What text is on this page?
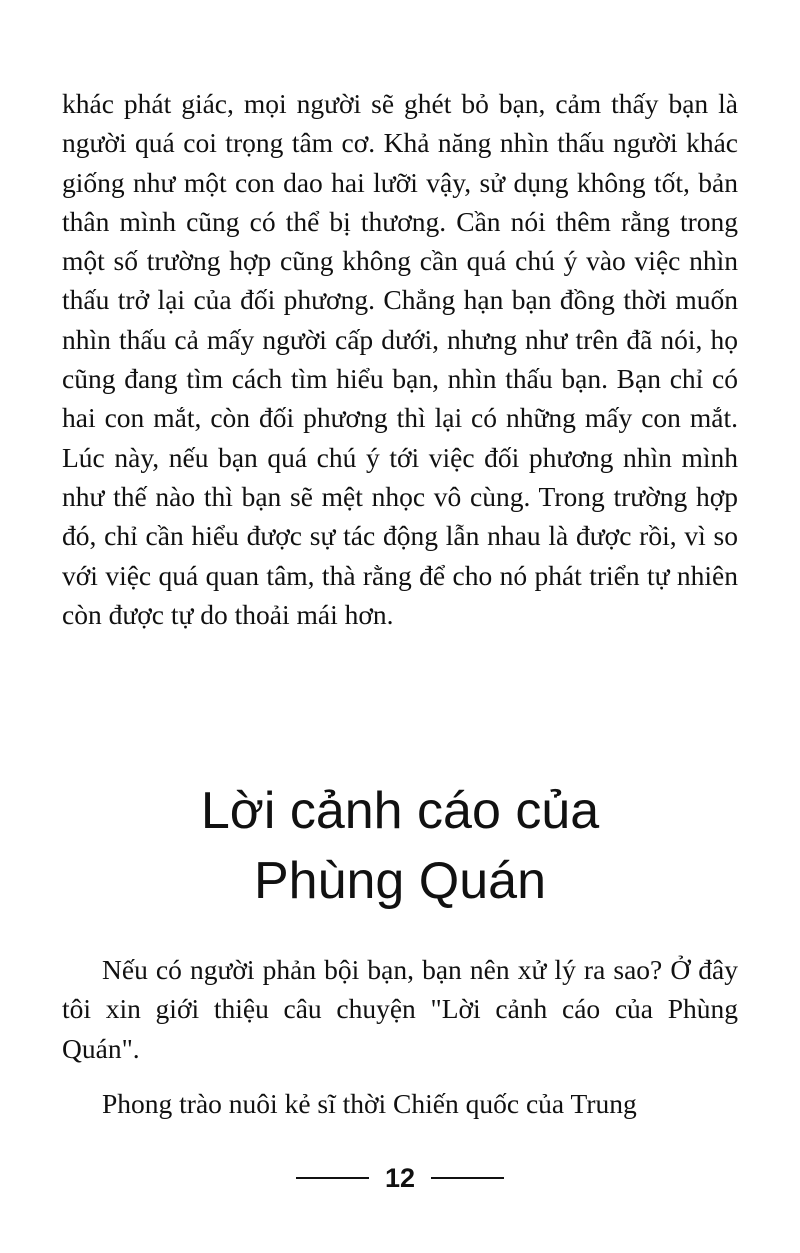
khác phát giác, mọi người sẽ ghét bỏ bạn, cảm thấy bạn là người quá coi trọng tâm cơ. Khả năng nhìn thấu người khác giống như một con dao hai lưỡi vậy, sử dụng không tốt, bản thân mình cũng có thể bị thương. Cần nói thêm rằng trong một số trường hợp cũng không cần quá chú ý vào việc nhìn thấu trở lại của đối phương. Chẳng hạn bạn đồng thời muốn nhìn thấu cả mấy người cấp dưới, nhưng như trên đã nói, họ cũng đang tìm cách tìm hiểu bạn, nhìn thấu bạn. Bạn chỉ có hai con mắt, còn đối phương thì lại có những mấy con mắt. Lúc này, nếu bạn quá chú ý tới việc đối phương nhìn mình như thế nào thì bạn sẽ mệt nhọc vô cùng. Trong trường hợp đó, chỉ cần hiểu được sự tác động lẫn nhau là được rồi, vì so với việc quá quan tâm, thà rằng để cho nó phát triển tự nhiên còn được tự do thoải mái hơn.

Lời cảnh cáo của
Phùng Quán

Nếu có người phản bội bạn, bạn nên xử lý ra sao? Ở đây tôi xin giới thiệu câu chuyện "Lời cảnh cáo của Phùng Quán".

Phong trào nuôi kẻ sĩ thời Chiến quốc của Trung

12
